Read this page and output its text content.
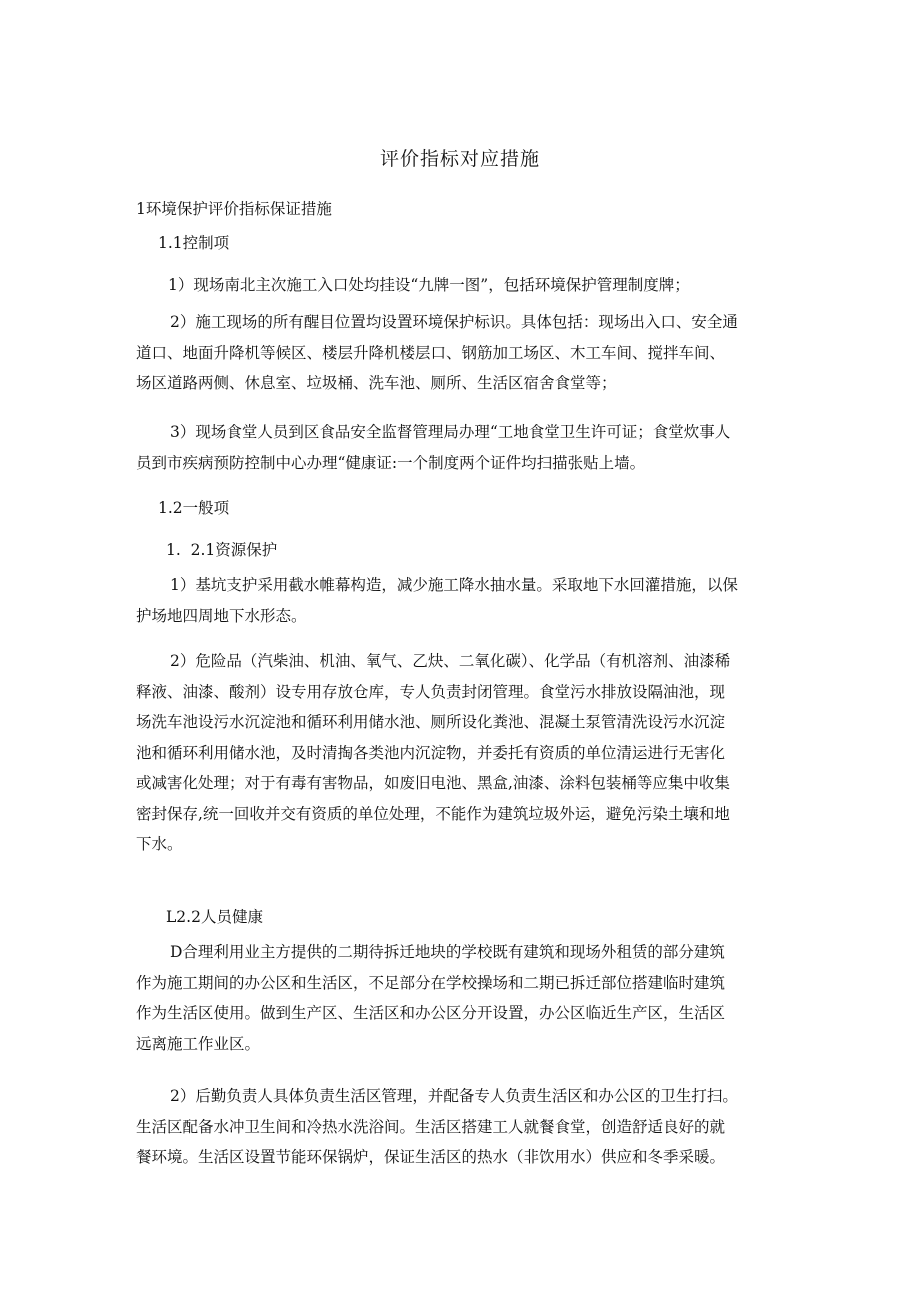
评价指标对应措施
1环境保护评价指标保证措施
1.1控制项
1）现场南北主次施工入口处均挂设“九牌一图”，包括环境保护管理制度牌；
2）施工现场的所有醒目位置均设置环境保护标识。具体包括：现场出入口、安全通
道口、地面升降机等候区、楼层升降机楼层口、钢筋加工场区、木工车间、搅拌车间、
场区道路两侧、休息室、垃圾桶、洗车池、厕所、生活区宿舍食堂等；
3）现场食堂人员到区食品安全监督管理局办理“工地食堂卫生许可证；食堂炊事人
员到市疾病预防控制中心办理“健康证:一个制度两个证件均扫描张贴上墙。
1.2一般项
1.  2.1资源保护
1）基坑支护采用截水帷幕构造，减少施工降水抽水量。采取地下水回灌措施，以保
护场地四周地下水形态。
2）危险品（汽柴油、机油、氧气、乙炔、二氧化碳）、化学品（有机溶剂、油漆稀
释液、油漆、酸剂）设专用存放仓库，专人负责封闭管理。食堂污水排放设隔油池，现
场洗车池设污水沉淀池和循环利用储水池、厕所设化粪池、混凝土泵管清洗设污水沉淀
池和循环利用储水池，及时清掏各类池内沉淀物，并委托有资质的单位清运进行无害化
或减害化处理；对于有毒有害物品，如废旧电池、黑盒,油漆、涂料包装桶等应集中收集
密封保存,统一回收并交有资质的单位处理，不能作为建筑垃圾外运，避免污染土壤和地
下水。
L2.2人员健康
D合理利用业主方提供的二期待拆迁地块的学校既有建筑和现场外租赁的部分建筑
作为施工期间的办公区和生活区，不足部分在学校操场和二期已拆迁部位搭建临时建筑
作为生活区使用。做到生产区、生活区和办公区分开设置，办公区临近生产区，生活区
远离施工作业区。
2）后勤负责人具体负责生活区管理，并配备专人负责生活区和办公区的卫生打扫。
生活区配备水冲卫生间和冷热水洗浴间。生活区搭建工人就餐食堂，创造舒适良好的就
餐环境。生活区设置节能环保锅炉，保证生活区的热水（非饮用水）供应和冬季采暖。
